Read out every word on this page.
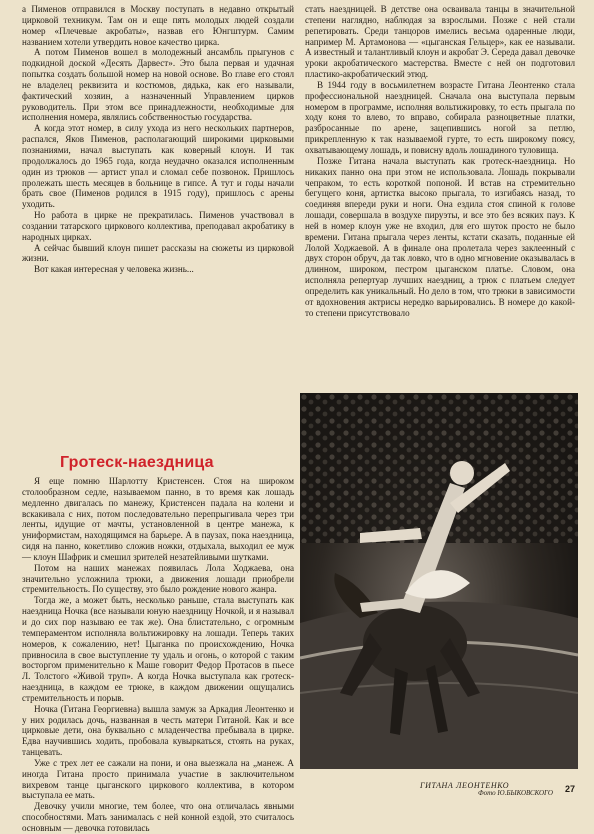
а Пименов отправился в Москву поступать в недавно открытый цирковой техникум. Там он и еще пять молодых людей создали номер «Плечевые акробаты», назвав его Юнгштурм. Самим названием хотели утвердить новое качество цирка.

А потом Пименов вошел в молодежный ансамбль прыгунов с подкидной доской «Десять Дарвест». Это была первая и удачная попытка создать большой номер на новой основе. Во главе его стоял не владелец реквизита и костюмов, дядька, как его называли, фактический хозяин, а назначенный Управлением цирков руководитель. При этом все принадлежности, необходимые для исполнения номера, являлись собственностью государства.

А когда этот номер, в силу ухода из него нескольких партнеров, распался, Яков Пименов, располагающий широкими цирковыми познаниями, начал выступать как коверный клоун. И так продолжалось до 1965 года, когда неудачно оказался исполненным один из трюков — артист упал и сломал себе позвонок. Пришлось пролежать шесть месяцев в больнице в гипсе. А тут и годы начали брать свое (Пименов родился в 1915 году), пришлось с арены уходить.

Но работа в цирке не прекратилась. Пименов участвовал в создании татарского циркового коллектива, преподавал акробатику в народных цирках.

А сейчас бывший клоун пишет рассказы на сюжеты из цирковой жизни.

Вот какая интересная у человека жизнь...

стать наездницей. В детстве она осваивала танцы в значительной степени наглядно, наблюдая за взрослыми. Позже с ней стали репетировать. Среди танцоров имелись весьма одаренные люди, например М. Артамонова — «цыганская Гельцер», как ее называли. А известный и талантливый клоун и акробат Э. Середа давал девочке уроки акробатического мастерства. Вместе с ней он подготовил пластико-акробатический этюд.

В 1944 году в восьмилетнем возрасте Гитана Леонтенко стала профессиональной наездницей. Сначала она выступала первым номером в программе, исполняя вольтижировку, то есть прыгала по ходу коня то влево, то вправо, собирала разноцветные платки, разбросанные по арене, зацепившись ногой за петлю, прикрепленную к так называемой гурте, то есть широкому поясу, охватывающему лошадь, и повисну вдоль лошадиного туловища.

Позже Гитана начала выступать как гротеск-наездница. Но никаких панно она при этом не использовала. Лошадь покрывали чепраком, то есть короткой попоной. И встав на стремительно бегущего коня, артистка высоко прыгала, то изгибаясь назад, то соединяя впереди руки и ноги. Она ездила стоя спиной к голове лошади, совершала в воздухе пируэты, и все это без всяких пауз. К ней в номер клоун уже не входил, для его шуток просто не было времени. Гитана прыгала через ленты, кстати сказать, поданные ей Лолой Ходжаевой. А в финале она пролетала через заклеенный с двух сторон обруч, да так ловко, что в одно мгновение оказывалась в длинном, широком, пестром цыганском платье. Словом, она исполняла репертуар лучших наездниц, а трюк с платьем следует определить как уникальный. Но дело в том, что трюки в зависимости от вдохновения актрисы нередко варьировались. В номере до какой-то степени присутствовало

Гротеск-наездница

Я еще помню Шарлотту Кристенсен. Стоя на широком столообразном седле, называемом панно, в то время как лошадь медленно двигалась по манежу, Кристенсен падала на колени и вскакивала с них, потом последовательно перепрыгивала через три ленты, идущие от мачты, установленной в центре манежа, к униформистам, находящимся на барьере. А в паузах, пока наездница, сидя на панно, кокетливо сложив ножки, отдыхала, выходил ее муж — клоун Шафрик и смешил зрителей незатейливыми шутками.

Потом на наших манежах появилась Лола Ходжаева, она значительно усложнила трюки, а движения лошади приобрели стремительность. По существу, это было рождение нового жанра.

Тогда же, а может быть, несколько раньше, стала выступать как наездница Ночка (все называли юную наездницу Ночкой, и я называл и до сих пор называю ее так же). Она блистательно, с огромным темпераментом исполняла вольтижировку на лошади. Теперь таких номеров, к сожалению, нет! Цыганка по происхождению, Ночка привносила в свое выступление ту удаль и огонь, о которой с таким восторгом применительно к Маше говорит Федор Протасов в пьесе Л. Толстого «Живой труп». А когда Ночка выступала как гротеск-наездница, в каждом ее трюке, в каждом движении ощущались стремительность и порыв.

Ночка (Гитана Георгиевна) вышла замуж за Аркадия Леонтенко и у них родилась дочь, названная в честь матери Гитаной. Как и все цирковые дети, она буквально с младенчества пребывала в цирке. Едва научившись ходить, пробовала кувыркаться, стоять на руках, танцевать.

Уже с трех лет ее сажали на пони, и она выезжала на „манеж. А иногда Гитана просто принимала участие в заключительном вихревом танце цыганского циркового коллектива, в котором выступала ее мать.

Девочку учили многие, тем более, что она отличалась явными способностями. Мать занималась с ней конной ездой, это считалось основным — девочка готовилась

ГИТАНА ЛЕОНТЕНКО
Фото Ю.БЫКОВСКОГО 27
